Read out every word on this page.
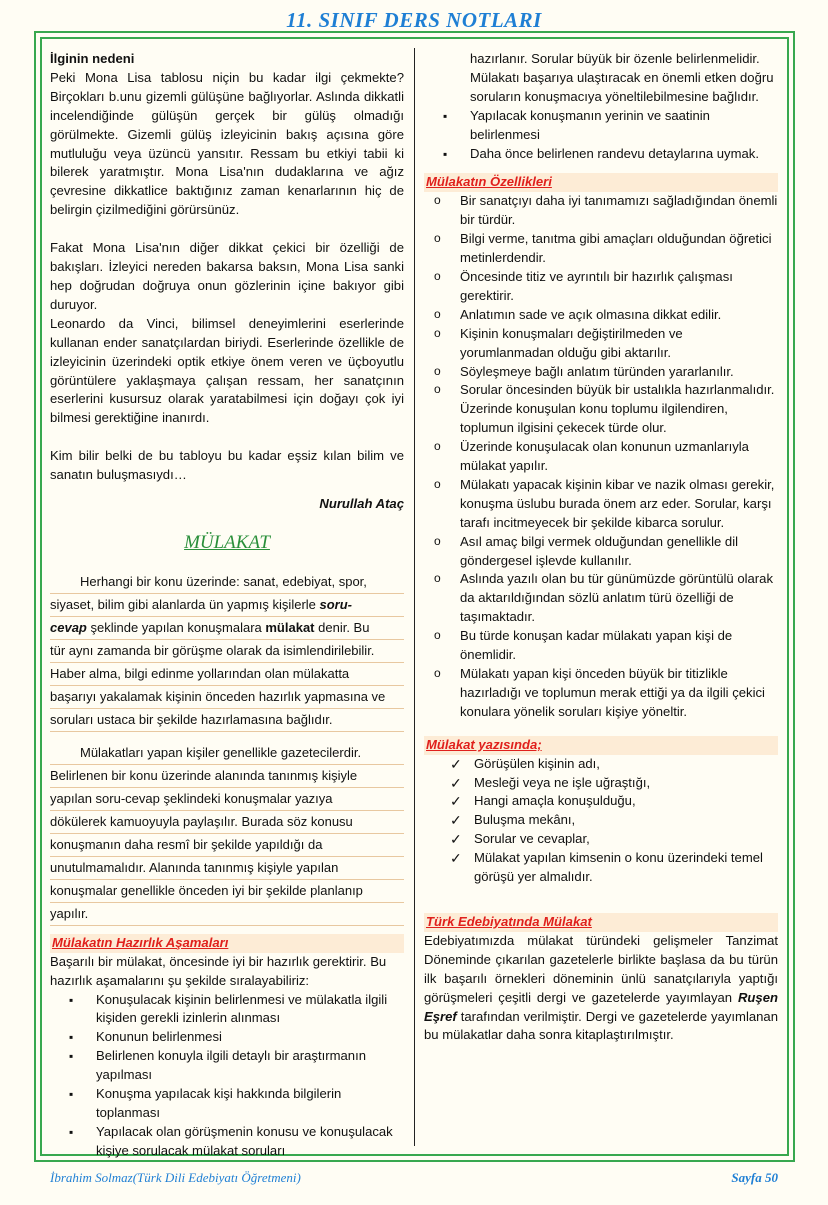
11. SINIF DERS NOTLARI

İlginin nedeni

Peki Mona Lisa tablosu niçin bu kadar ilgi çekmekte? Birçokları b.unu gizemli gülüşüne bağlıyorlar. Aslında dikkatli incelendiğinde gülüşün gerçek bir gülüş olmadığı görülmekte. Gizemli gülüş izleyicinin bakış açısına göre mutluluğu veya üzüncü yansıtır. Ressam bu etkiyi tabii ki bilerek yaratmıştır. Mona Lisa'nın dudaklarına ve ağız çevresine dikkatlice baktığınız zaman kenarlarının hiç de belirgin çizilmediğini görürsünüz.

Fakat Mona Lisa'nın diğer dikkat çekici bir özelliği de bakışları. İzleyici nereden bakarsa baksın, Mona Lisa sanki hep doğrudan doğruya onun gözlerinin içine bakıyor gibi duruyor.

Leonardo da Vinci, bilimsel deneyimlerini eserlerinde kullanan ender sanatçılardan biriydi. Eserlerinde özellikle de izleyicinin üzerindeki optik etkiye önem veren ve üçboyutlu görüntülere yaklaşmaya çalışan ressam, her sanatçının eserlerini kusursuz olarak yaratabilmesi için doğayı çok iyi bilmesi gerektiğine inanırdı.

Kim bilir belki de bu tabloyu bu kadar eşsiz kılan bilim ve sanatın buluşmasıydı…

Nurullah Ataç

MÜLAKAT
Herhangi bir konu üzerinde: sanat, edebiyat, spor,
siyaset, bilim gibi alanlarda ün yapmış kişilerle soru-
cevap şeklinde yapılan konuşmalara mülakat denir. Bu
tür aynı zamanda bir görüşme olarak da isimlendirilebilir.
Haber alma, bilgi edinme yollarından olan mülakatta
başarıyı yakalamak kişinin önceden hazırlık yapmasına ve
soruları ustaca bir şekilde hazırlamasına bağlıdır.
Mülakatları yapan kişiler genellikle gazetecilerdir.
Belirlenen bir konu üzerinde alanında tanınmış kişiyle
yapılan soru-cevap şeklindeki konuşmalar yazıya
dökülerek kamuoyuyla paylaşılır. Burada söz konusu
konuşmanın daha resmî bir şekilde yapıldığı da
unutulmamalıdır. Alanında tanınmış kişiyle yapılan
konuşmalar genellikle önceden iyi bir şekilde planlanıp
yapılır.

Mülakatın Hazırlık Aşamaları

Başarılı bir mülakat, öncesinde iyi bir hazırlık gerektirir. Bu hazırlık aşamalarını şu şekilde sıralayabiliriz:

▪ Konuşulacak kişinin belirlenmesi ve mülakatla ilgili kişiden gerekli izinlerin alınması
▪ Konunun belirlenmesi
▪ Belirlenen konuyla ilgili detaylı bir araştırmanın yapılması
▪ Konuşma yapılacak kişi hakkında bilgilerin toplanması
▪ Yapılacak olan görüşmenin konusu ve konuşulacak kişiye sorulacak mülakat soruları

hazırlanır. Sorular büyük bir özenle belirlenmelidir. Mülakatı başarıya ulaştıracak en önemli etken doğru soruların konuşmacıya yöneltilebilmesine bağlıdır.

▪ Yapılacak konuşmanın yerinin ve saatinin belirlenmesi
▪ Daha önce belirlenen randevu detaylarına uymak.

Mülakatın Özellikleri

o Bir sanatçıyı daha iyi tanımamızı sağladığından önemli bir türdür.
o Bilgi verme, tanıtma gibi amaçları olduğundan öğretici metinlerdendir.
o Öncesinde titiz ve ayrıntılı bir hazırlık çalışması gerektirir.
o Anlatımın sade ve açık olmasına dikkat edilir.
o Kişinin konuşmaları değiştirilmeden ve yorumlanmadan olduğu gibi aktarılır.
o Söyleşmeye bağlı anlatım türünden yararlanılır.
o Sorular öncesinden büyük bir ustalıkla hazırlanmalıdır. Üzerinde konuşulan konu toplumu ilgilendiren, toplumun ilgisini çekecek türde olur.
o Üzerinde konuşulacak olan konunun uzmanlarıyla mülakat yapılır.
o Mülakatı yapacak kişinin kibar ve nazik olması gerekir, konuşma üslubu burada önem arz eder. Sorular, karşı tarafı incitmeyecek bir şekilde kibarca sorulur.
o Asıl amaç bilgi vermek olduğundan genellikle dil göndergesel işlevde kullanılır.
o Aslında yazılı olan bu tür günümüzde görüntülü olarak da aktarıldığından sözlü anlatım türü özelliği de taşımaktadır.
o Bu türde konuşan kadar mülakatı yapan kişi de önemlidir.
o Mülakatı yapan kişi önceden büyük bir titizlikle hazırladığı ve toplumun merak ettiği ya da ilgili çekici konulara yönelik soruları kişiye yöneltir.

Mülakat yazısında;

✓ Görüşülen kişinin adı,
✓ Mesleği veya ne işle uğraştığı,
✓ Hangi amaçla konuşulduğu,
✓ Buluşma mekânı,
✓ Sorular ve cevaplar,
✓ Mülakat yapılan kimsenin o konu üzerindeki temel görüşü yer almalıdır.

Türk Edebiyatında Mülakat

Edebiyatımızda mülakat türündeki gelişmeler Tanzimat Döneminde çıkarılan gazetelerle birlikte başlasa da bu türün ilk başarılı örnekleri döneminin ünlü sanatçılarıyla yaptığı görüşmeleri çeşitli dergi ve gazetelerde yayımlayan Ruşen Eşref tarafından verilmiştir. Dergi ve gazetelerde yayımlanan bu mülakatlar daha sonra kitaplaştırılmıştır.

İbrahim Solmaz(Türk Dili Edebiyatı Öğretmeni)	Sayfa 50
